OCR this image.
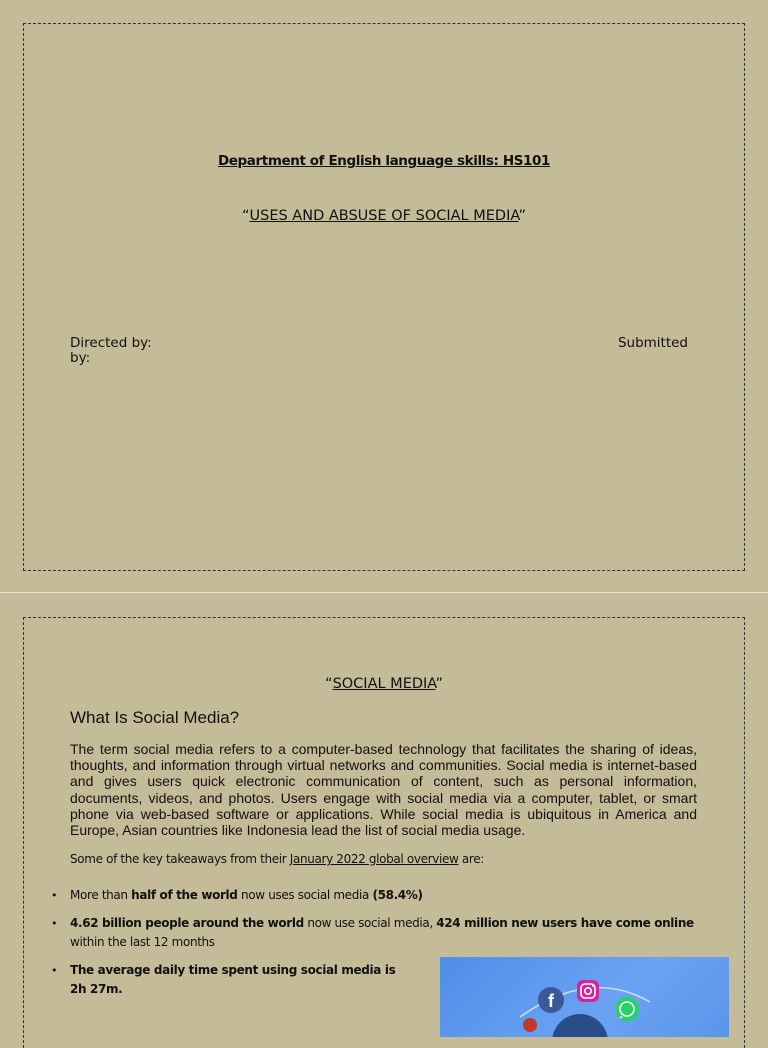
Department of English language skills: HS101
“USES AND ABSUSE OF SOCIAL MEDIA”
Directed by:	Submitted
by:
“SOCIAL MEDIA”
What Is Social Media?

The term social media refers to a computer-based technology that facilitates the sharing of ideas, thoughts, and information through virtual networks and communities. Social media is internet-based and gives users quick electronic communication of content, such as personal information, documents, videos, and photos. Users engage with social media via a computer, tablet, or smart phone via web-based software or applications. While social media is ubiquitous in America and Europe, Asian countries like Indonesia lead the list of social media usage.

Some of the key takeaways from their January 2022 global overview are:

• More than half of the world now uses social media (58.4%)
• 4.62 billion people around the world now use social media, 424 million new users have come online within the last 12 months
• The average daily time spent using social media is 2h 27m.
f
